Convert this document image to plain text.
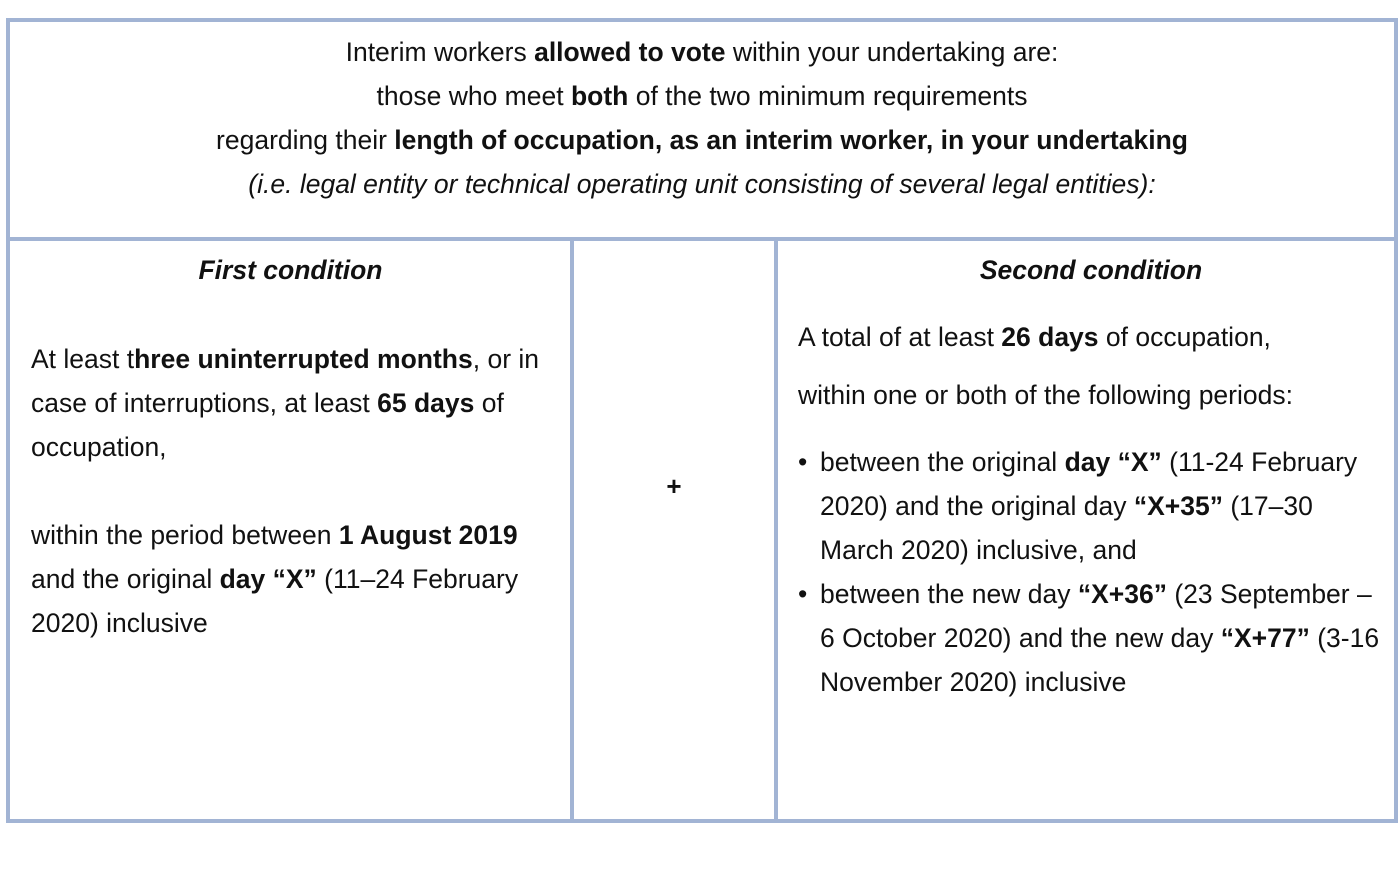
Interim workers allowed to vote within your undertaking are:
those who meet both of the two minimum requirements
regarding their length of occupation, as an interim worker, in your undertaking
(i.e. legal entity or technical operating unit consisting of several legal entities):

First condition

At least three uninterrupted months, or in case of interruptions, at least 65 days of occupation,

within the period between 1 August 2019 and the original day “X” (11–24 February 2020) inclusive

+

Second condition

A total of at least 26 days of occupation,

within one or both of the following periods:

• between the original day “X” (11-24 February 2020) and the original day “X+35” (17–30 March 2020) inclusive, and
• between the new day “X+36” (23 September – 6 October 2020) and the new day “X+77” (3-16 November 2020) inclusive
